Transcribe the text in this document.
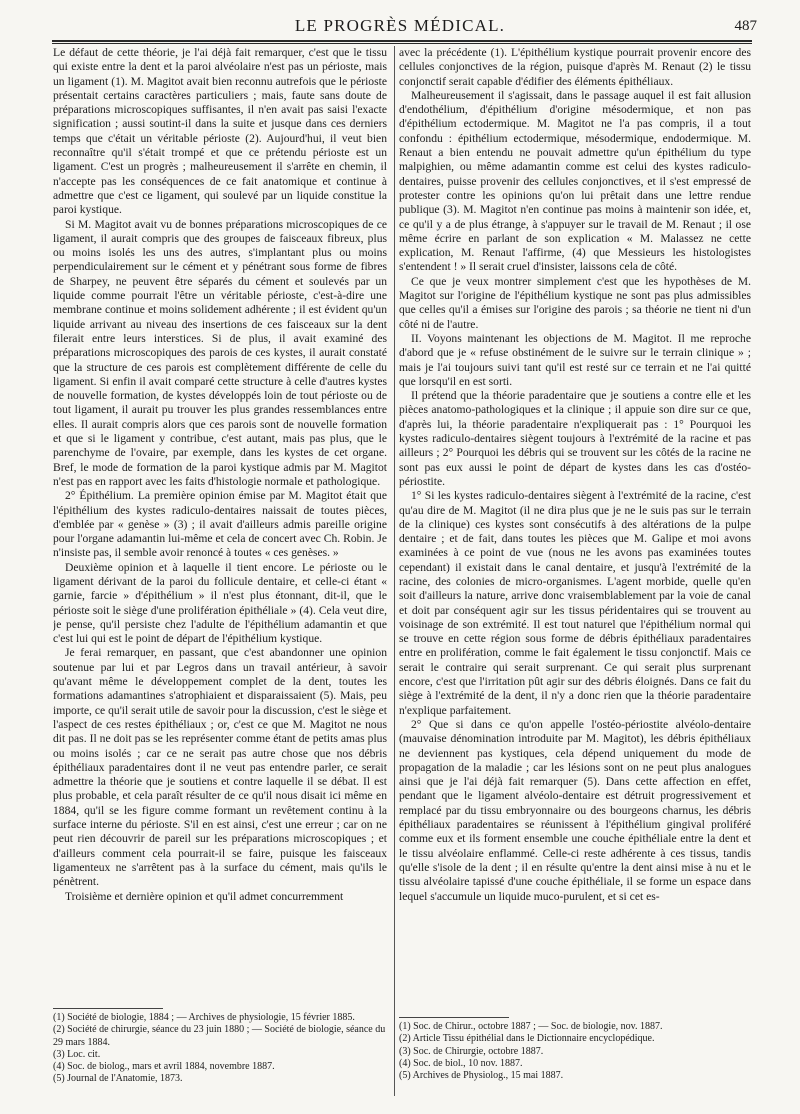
LE PROGRÈS MÉDICAL.	487

Le défaut de cette théorie, je l'ai déjà fait remarquer, c'est que le tissu qui existe entre la dent et la paroi alvéolaire n'est pas un périoste, mais un ligament (1). M. Magitot avait bien reconnu autrefois que le périoste présentait certains caractères particuliers ; mais, faute sans doute de préparations microscopiques suffisantes, il n'en avait pas saisi l'exacte signification ; aussi soutint-il dans la suite et jusque dans ces derniers temps que c'était un véritable périoste (2). Aujourd'hui, il veut bien reconnaître qu'il s'était trompé et que ce prétendu périoste est un ligament. C'est un progrès ; malheureusement il s'arrête en chemin, il n'accepte pas les conséquences de ce fait anatomique et continue à admettre que c'est ce ligament, qui soulevé par un liquide constitue la paroi kystique.

Si M. Magitot avait vu de bonnes préparations microscopiques de ce ligament, il aurait compris que des groupes de faisceaux fibreux, plus ou moins isolés les uns des autres, s'implantant plus ou moins perpendiculairement sur le cément et y pénétrant sous forme de fibres de Sharpey, ne peuvent être séparés du cément et soulevés par un liquide comme pourrait l'être un véritable périoste, c'est-à-dire une membrane continue et moins solidement adhérente ; il est évident qu'un liquide arrivant au niveau des insertions de ces faisceaux sur la dent filerait entre leurs interstices. Si de plus, il avait examiné des préparations microscopiques des parois de ces kystes, il aurait constaté que la structure de ces parois est complètement différente de celle du ligament. Si enfin il avait comparé cette structure à celle d'autres kystes de nouvelle formation, de kystes développés loin de tout périoste ou de tout ligament, il aurait pu trouver les plus grandes ressemblances entre elles. Il aurait compris alors que ces parois sont de nouvelle formation et que si le ligament y contribue, c'est autant, mais pas plus, que le parenchyme de l'ovaire, par exemple, dans les kystes de cet organe. Bref, le mode de formation de la paroi kystique admis par M. Magitot n'est pas en rapport avec les faits d'histologie normale et pathologique.

2° Épithélium. La première opinion émise par M. Magitot était que l'épithélium des kystes radiculo-dentaires naissait de toutes pièces, d'emblée par « genèse » (3) ; il avait d'ailleurs admis pareille origine pour l'organe adamantin lui-même et cela de concert avec Ch. Robin. Je n'insiste pas, il semble avoir renoncé à toutes « ces genèses. »

Deuxième opinion et à laquelle il tient encore. Le périoste ou le ligament dérivant de la paroi du follicule dentaire, et celle-ci étant « garnie, farcie » d'épithélium » il n'est plus étonnant, dit-il, que le périoste soit le siège d'une prolifération épithéliale » (4). Cela veut dire, je pense, qu'il persiste chez l'adulte de l'épithélium adamantin et que c'est lui qui est le point de départ de l'épithélium kystique.

Je ferai remarquer, en passant, que c'est abandonner une opinion soutenue par lui et par Legros dans un travail antérieur, à savoir qu'avant même le développement complet de la dent, toutes les formations adamantines s'atrophiaient et disparaissaient (5). Mais, peu importe, ce qu'il serait utile de savoir pour la discussion, c'est le siège et l'aspect de ces restes épithéliaux ; or, c'est ce que M. Magitot ne nous dit pas. Il ne doit pas se les représenter comme étant de petits amas plus ou moins isolés ; car ce ne serait pas autre chose que nos débris épithéliaux paradentaires dont il ne veut pas entendre parler, ce serait admettre la théorie que je soutiens et contre laquelle il se débat. Il est plus probable, et cela paraît résulter de ce qu'il nous disait ici même en 1884, qu'il se les figure comme formant un revêtement continu à la surface interne du périoste. S'il en est ainsi, c'est une erreur ; car on ne peut rien découvrir de pareil sur les préparations microscopiques ; et d'ailleurs comment cela pourrait-il se faire, puisque les faisceaux ligamenteux ne s'arrêtent pas à la surface du cément, mais qu'ils le pénètrent.

Troisième et dernière opinion et qu'il admet concurremment

avec la précédente (1). L'épithélium kystique pourrait provenir encore des cellules conjonctives de la région, puisque d'après M. Renaut (2) le tissu conjonctif serait capable d'édifier des éléments épithéliaux.

Malheureusement il s'agissait, dans le passage auquel il est fait allusion d'endothélium, d'épithélium d'origine mésodermique, et non pas d'épithélium ectodermique. M. Magitot ne l'a pas compris, il a tout confondu : épithélium ectodermique, mésodermique, endodermique. M. Renaut a bien entendu ne pouvait admettre qu'un épithélium du type malpighien, ou même adamantin comme est celui des kystes radiculo-dentaires, puisse provenir des cellules conjonctives, et il s'est empressé de protester contre les opinions qu'on lui prêtait dans une lettre rendue publique (3). M. Magitot n'en continue pas moins à maintenir son idée, et, ce qu'il y a de plus étrange, à s'appuyer sur le travail de M. Renaut ; il ose même écrire en parlant de son explication « M. Malassez ne cette explication, M. Renaut l'affirme, (4) que Messieurs les histologistes s'entendent ! » Il serait cruel d'insister, laissons cela de côté.

Ce que je veux montrer simplement c'est que les hypothèses de M. Magitot sur l'origine de l'épithélium kystique ne sont pas plus admissibles que celles qu'il a émises sur l'origine des parois ; sa théorie ne tient ni d'un côté ni de l'autre.

II. Voyons maintenant les objections de M. Magitot. Il me reproche d'abord que je « refuse obstinément de le suivre sur le terrain clinique » ; mais je l'ai toujours suivi tant qu'il est resté sur ce terrain et ne l'ai quitté que lorsqu'il en est sorti.

Il prétend que la théorie paradentaire que je soutiens a contre elle et les pièces anatomo-pathologiques et la clinique ; il appuie son dire sur ce que, d'après lui, la théorie paradentaire n'expliquerait pas : 1° Pourquoi les kystes radiculo-dentaires siègent toujours à l'extrémité de la racine et pas ailleurs ; 2° Pourquoi les débris qui se trouvent sur les côtés de la racine ne sont pas eux aussi le point de départ de kystes dans les cas d'ostéo-périostite.

1° Si les kystes radiculo-dentaires siègent à l'extrémité de la racine, c'est qu'au dire de M. Magitot (il ne dira plus que je ne le suis pas sur le terrain de la clinique) ces kystes sont consécutifs à des altérations de la pulpe dentaire ; et de fait, dans toutes les pièces que M. Galipe et moi avons examinées à ce point de vue (nous ne les avons pas examinées toutes cependant) il existait dans le canal dentaire, et jusqu'à l'extrémité de la racine, des colonies de micro-organismes. L'agent morbide, quelle qu'en soit d'ailleurs la nature, arrive donc vraisemblablement par la voie de canal et doit par conséquent agir sur les tissus péridentaires qui se trouvent au voisinage de son extrémité. Il est tout naturel que l'épithélium normal qui se trouve en cette région sous forme de débris épithéliaux paradentaires entre en prolifération, comme le fait également le tissu conjonctif. Mais ce serait le contraire qui serait surprenant. Ce qui serait plus surprenant encore, c'est que l'irritation pût agir sur des débris éloignés. Dans ce fait du siège à l'extrémité de la dent, il n'y a donc rien que la théorie paradentaire n'explique parfaitement.

2° Que si dans ce qu'on appelle l'ostéo-périostite alvéolo-dentaire (mauvaise dénomination introduite par M. Magitot), les débris épithéliaux ne deviennent pas kystiques, cela dépend uniquement du mode de propagation de la maladie ; car les lésions sont on ne peut plus analogues ainsi que je l'ai déjà fait remarquer (5). Dans cette affection en effet, pendant que le ligament alvéolo-dentaire est détruit progressivement et remplacé par du tissu embryonnaire ou des bourgeons charnus, les débris épithéliaux paradentaires se réunissent à l'épithélium gingival proliféré comme eux et ils forment ensemble une couche épithéliale entre la dent et le tissu alvéolaire enflammé. Celle-ci reste adhérente à ces tissus, tandis qu'elle s'isole de la dent ; il en résulte qu'entre la dent ainsi mise à nu et le tissu alvéolaire tapissé d'une couche épithéliale, il se forme un espace dans lequel s'accumule un liquide muco-purulent, et si cet es-

(1) Société de biologie, 1884 ; — Archives de physiologie, 15 février 1885.
(2) Société de chirurgie, séance du 23 juin 1880 ; — Société de biologie, séance du 29 mars 1884.
(3) Loc. cit.
(4) Soc. de biolog., mars et avril 1884, novembre 1887.
(5) Journal de l'Anatomie, 1873.
(1) Soc. de Chirur., octobre 1887 ; — Soc. de biologie, nov. 1887.
(2) Article Tissu épithélial dans le Dictionnaire encyclopédique.
(3) Soc. de Chirurgie, octobre 1887.
(4) Soc. de biol., 10 nov. 1887.
(5) Archives de Physiolog., 15 mai 1887.
